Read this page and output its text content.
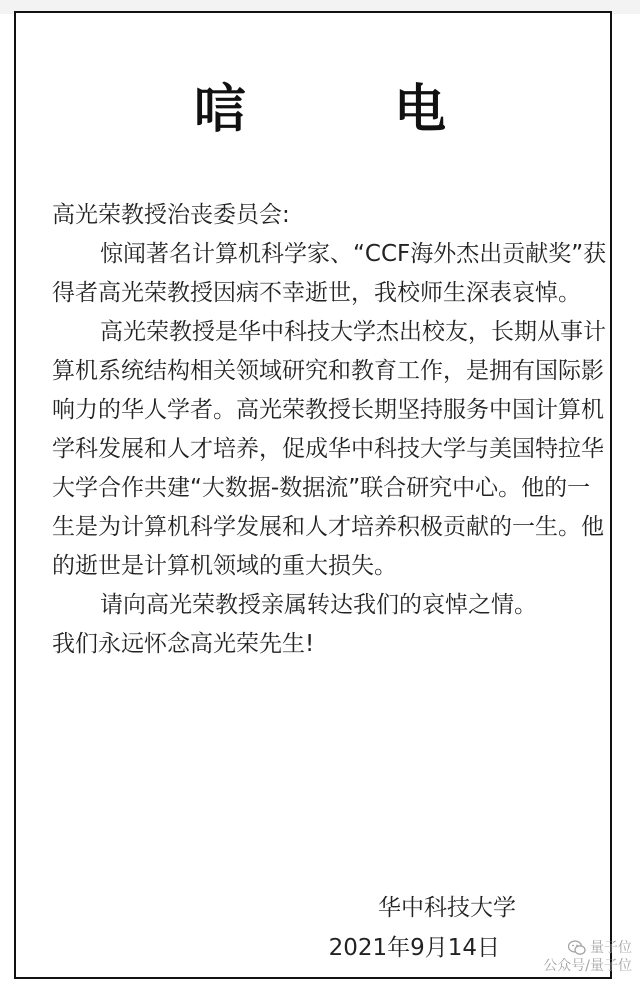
唁　电

高光荣教授治丧委员会:

惊闻著名计算机科学家、“CCF海外杰出贡献奖”获得者高光荣教授因病不幸逝世，我校师生深表哀悼。

高光荣教授是华中科技大学杰出校友，长期从事计算机系统结构相关领域研究和教育工作，是拥有国际影响力的华人学者。高光荣教授长期坚持服务中国计算机学科发展和人才培养，促成华中科技大学与美国特拉华大学合作共建“大数据-数据流”联合研究中心。他的一生是为计算机科学发展和人才培养积极贡献的一生。他的逝世是计算机领域的重大损失。

请向高光荣教授亲属转达我们的哀悼之情。

我们永远怀念高光荣先生!

华中科技大学
2021年9月14日	量子位
公众号/量子位
